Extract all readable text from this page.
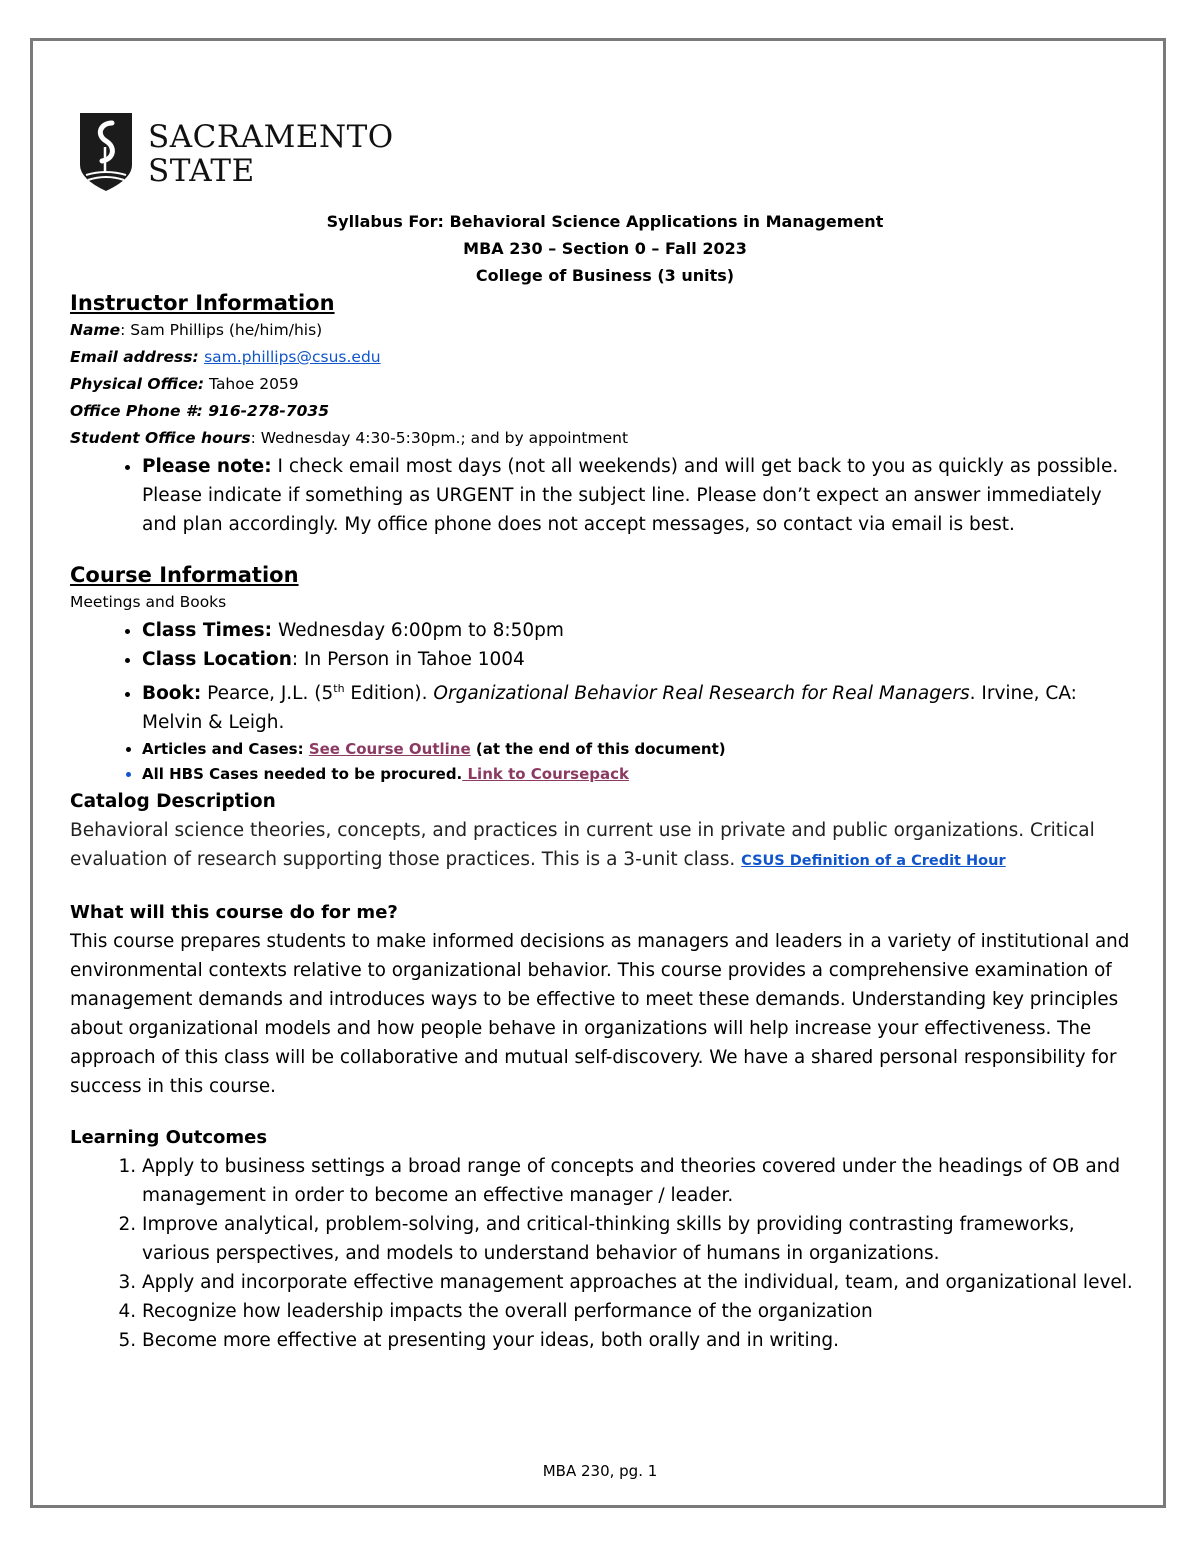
SACRAMENTO
STATE
Syllabus For: Behavioral Science Applications in Management
MBA 230 – Section 0 – Fall 2023
College of Business (3 units)
Instructor Information
Name: Sam Phillips (he/him/his)
Email address: sam.phillips@csus.edu
Physical Office: Tahoe 2059
Office Phone #: 916-278-7035
Student Office hours: Wednesday 4:30-5:30pm.; and by appointment
• Please note: I check email most days (not all weekends) and will get back to you as quickly as possible. Please indicate if something as URGENT in the subject line. Please don’t expect an answer immediately and plan accordingly. My office phone does not accept messages, so contact via email is best.
Course Information
Meetings and Books
• Class Times: Wednesday 6:00pm to 8:50pm
• Class Location: In Person in Tahoe 1004
• Book: Pearce, J.L. (5th Edition). Organizational Behavior Real Research for Real Managers. Irvine, CA: Melvin & Leigh.
• Articles and Cases: See Course Outline (at the end of this document)
• All HBS Cases needed to be procured. Link to Coursepack
Catalog Description
Behavioral science theories, concepts, and practices in current use in private and public organizations. Critical evaluation of research supporting those practices. This is a 3-unit class. CSUS Definition of a Credit Hour
What will this course do for me?
This course prepares students to make informed decisions as managers and leaders in a variety of institutional and environmental contexts relative to organizational behavior. This course provides a comprehensive examination of management demands and introduces ways to be effective to meet these demands. Understanding key principles about organizational models and how people behave in organizations will help increase your effectiveness. The approach of this class will be collaborative and mutual self-discovery. We have a shared personal responsibility for success in this course.
Learning Outcomes
1. Apply to business settings a broad range of concepts and theories covered under the headings of OB and management in order to become an effective manager / leader.
2. Improve analytical, problem-solving, and critical-thinking skills by providing contrasting frameworks, various perspectives, and models to understand behavior of humans in organizations.
3. Apply and incorporate effective management approaches at the individual, team, and organizational level.
4. Recognize how leadership impacts the overall performance of the organization
5. Become more effective at presenting your ideas, both orally and in writing.
MBA 230, pg. 1
